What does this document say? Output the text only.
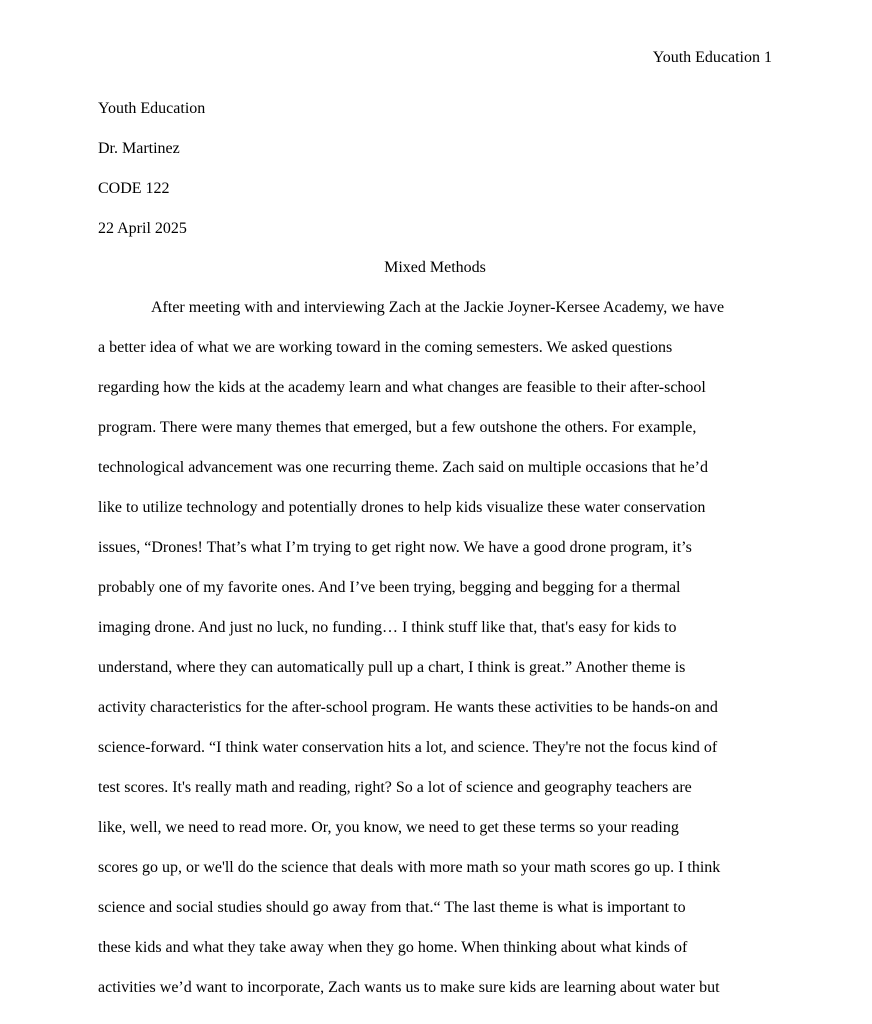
Youth Education 1
Youth Education
Dr. Martinez
CODE 122
22 April 2025
Mixed Methods
After meeting with and interviewing Zach at the Jackie Joyner-Kersee Academy, we have
a better idea of what we are working toward in the coming semesters. We asked questions
regarding how the kids at the academy learn and what changes are feasible to their after-school
program. There were many themes that emerged, but a few outshone the others. For example,
technological advancement was one recurring theme. Zach said on multiple occasions that he’d
like to utilize technology and potentially drones to help kids visualize these water conservation
issues, “Drones! That’s what I’m trying to get right now. We have a good drone program, it’s
probably one of my favorite ones. And I’ve been trying, begging and begging for a thermal
imaging drone. And just no luck, no funding… I think stuff like that, that's easy for kids to
understand, where they can automatically pull up a chart, I think is great.” Another theme is
activity characteristics for the after-school program. He wants these activities to be hands-on and
science-forward. “I think water conservation hits a lot, and science. They're not the focus kind of
test scores. It's really math and reading, right? So a lot of science and geography teachers are
like, well, we need to read more. Or, you know, we need to get these terms so your reading
scores go up, or we'll do the science that deals with more math so your math scores go up. I think
science and social studies should go away from that.“ The last theme is what is important to
these kids and what they take away when they go home. When thinking about what kinds of
activities we’d want to incorporate, Zach wants us to make sure kids are learning about water but
